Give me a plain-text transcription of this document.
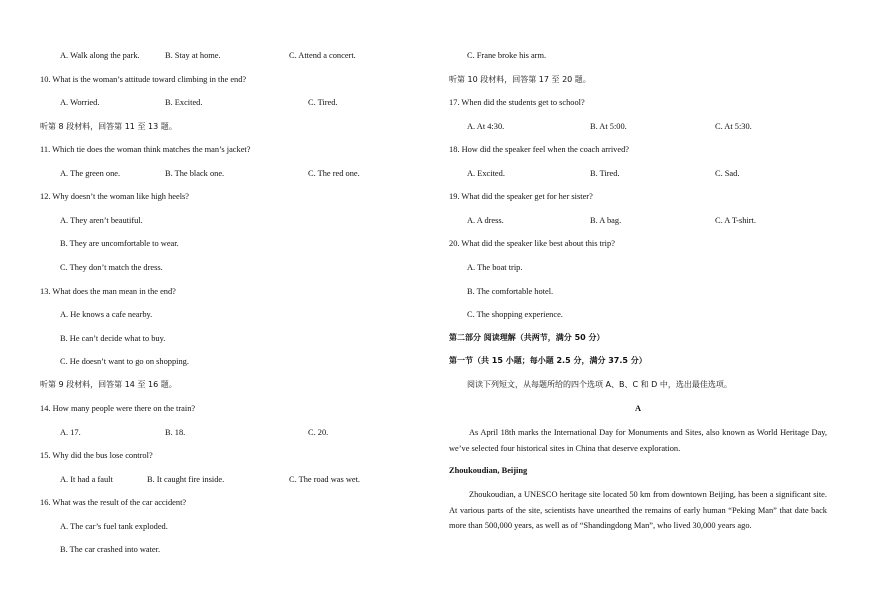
A. Walk along the park.	B. Stay at home.	C. Attend a concert.
10. What is the woman’s attitude toward climbing in the end?
A. Worried.	B. Excited.	C. Tired.
听第 8 段材料，回答第 11 至 13 题。
11. Which tie does the woman think matches the man’s jacket?
A. The green one.	B. The black one.	C. The red one.
12. Why doesn’t the woman like high heels?
A. They aren’t beautiful.
B. They are uncomfortable to wear.
C. They don’t match the dress.
13. What does the man mean in the end?
A. He knows a cafe nearby.
B. He can’t decide what to buy.
C. He doesn’t want to go on shopping.
听第 9 段材料，回答第 14 至 16 题。
14. How many people were there on the train?
A. 17.	B. 18.	C. 20.
15. Why did the bus lose control?
A. It had a fault	B. It caught fire inside.	C. The road was wet.
16. What was the result of the car accident?
A. The car’s fuel tank exploded.
B. The car crashed into water.
C. Frane broke his arm.
听第 10 段材料，回答第 17 至 20 题。
17. When did the students get to school?
A. At 4:30.	B. At 5:00.	C. At 5:30.
18. How did the speaker feel when the coach arrived?
A. Excited.	B. Tired.	C. Sad.
19. What did the speaker get for her sister?
A. A dress.	B. A bag.	C. A T-shirt.
20. What did the speaker like best about this trip?
A. The boat trip.
B. The comfortable hotel.
C. The shopping experience.
第二部分 阅读理解（共两节，满分 50 分）
第一节（共 15 小题；每小题 2.5 分，满分 37.5 分）
阅读下列短文，从每题所给的四个选项 A、B、C 和 D 中，选出最佳选项。
A
As April 18th marks the International Day for Monuments and Sites, also known as World Heritage Day, we’ve selected four historical sites in China that deserve exploration.
Zhoukoudian, Beijing
Zhoukoudian, a UNESCO heritage site located 50 km from downtown Beijing, has been a significant site. At various parts of the site, scientists have unearthed the remains of early human “Peking Man” that date back more than 500,000 years, as well as of “Shandingdong Man”, who lived 30,000 years ago.
